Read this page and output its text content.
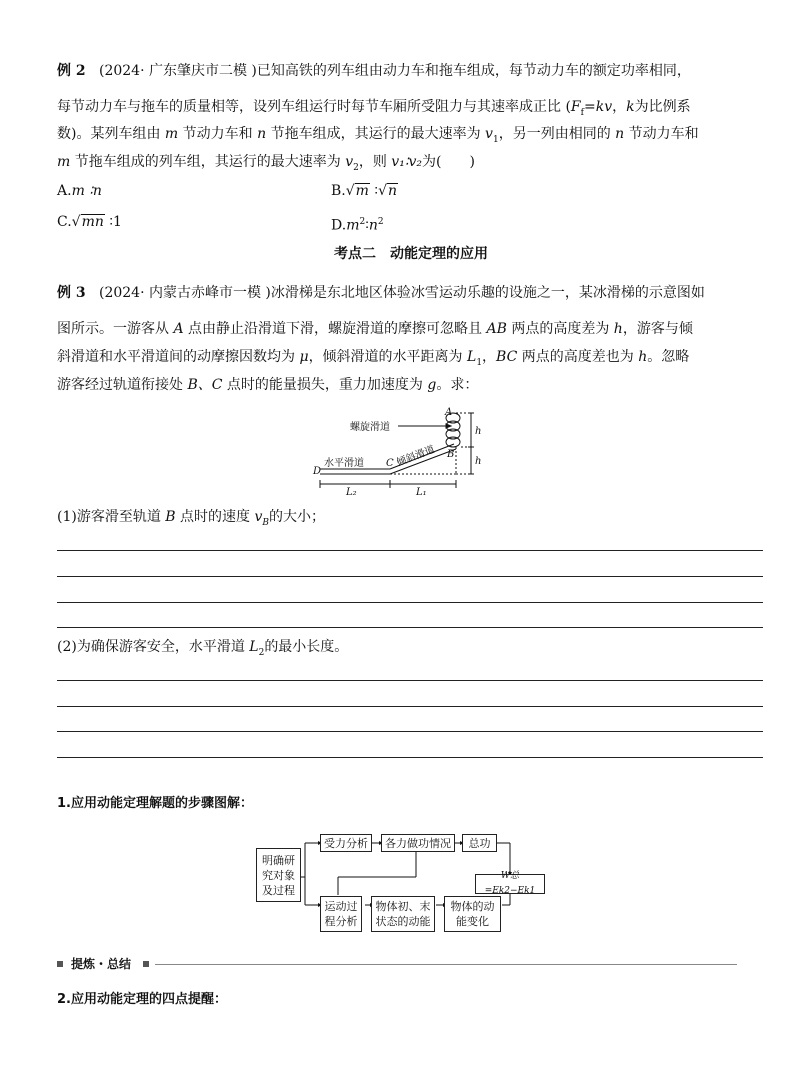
例 2 (2024· 广东肇庆市二模 )已知高铁的列车组由动力车和拖车组成，每节动力车的额定功率相同，
每节动力车与拖车的质量相等，设列车组运行时每节车厢所受阻力与其速率成正比 ($F_f=kv$，k为比例系
数)。某列车组由 m 节动力车和 n 节拖车组成，其运行的最大速率为 $v_1$，另一列由相同的 n 节动力车和
m 节拖车组成的列车组，其运行的最大速率为 $v_2$，则 v₁∶v₂为(　　)
A.m ∶n	B.√m ∶√n
C.√mn ∶1	$D.m^2∶n^2$
考点二　动能定理的应用
例 3 (2024· 内蒙古赤峰市一模 )冰滑梯是东北地区体验冰雪运动乐趣的设施之一，某冰滑梯的示意图如
图所示。一游客从 A 点由静止沿滑道下滑，螺旋滑道的摩擦可忽略且 AB 两点的高度差为 h，游客与倾
斜滑道和水平滑道间的动摩擦因数均为 μ，倾斜滑道的水平距离为 $L_1$，BC 两点的高度差也为 h。忽略
游客经过轨道衔接处 B、C 点时的能量损失，重力加速度为 g。求：
螺旋滑道
水平滑道	倾斜滑道
A
B
C
D
h
h
L₂	L₁
(1)游客滑至轨道 B 点时的速度 $v_B$的大小；
(2)为确保游客安全，水平滑道 $L_2$的最小长度。
1.应用动能定理解题的步骤图解：
明确研
究对象
及过程
受力分析	各力做功情况	总功
W总=Ek2−Ek1
运动过
程分析
物体初、末
状态的动能
物体的动
能变化
提炼・总结
2.应用动能定理的四点提醒：
